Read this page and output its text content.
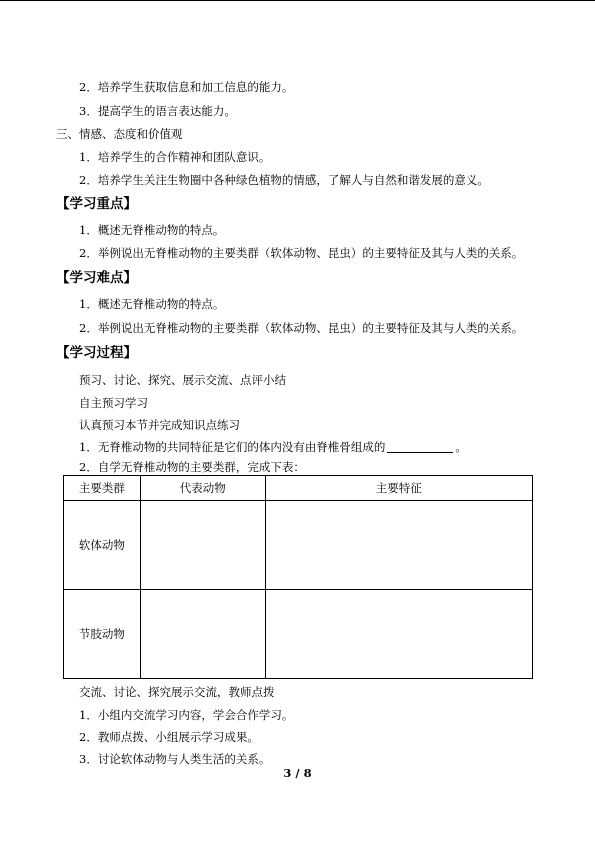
2．培养学生获取信息和加工信息的能力。
3．提高学生的语言表达能力。
三、情感、态度和价值观
1．培养学生的合作精神和团队意识。
2．培养学生关注生物圈中各种绿色植物的情感，了解人与自然和谐发展的意义。
【学习重点】
1．概述无脊椎动物的特点。
2．举例说出无脊椎动物的主要类群（软体动物、昆虫）的主要特征及其与人类的关系。
【学习难点】
1．概述无脊椎动物的特点。
2．举例说出无脊椎动物的主要类群（软体动物、昆虫）的主要特征及其与人类的关系。
【学习过程】
预习、讨论、探究、展示交流、点评小结
自主预习学习
认真预习本节并完成知识点练习
1．无脊椎动物的共同特征是它们的体内没有由脊椎骨组成的	。
2．自学无脊椎动物的主要类群，完成下表：
主要类群	代表动物	主要特征
软体动物		
节肢动物		
交流、讨论、探究展示交流，教师点拨
1．小组内交流学习内容，学会合作学习。
2．教师点拨、小组展示学习成果。
3．讨论软体动物与人类生活的关系。
3 / 8
